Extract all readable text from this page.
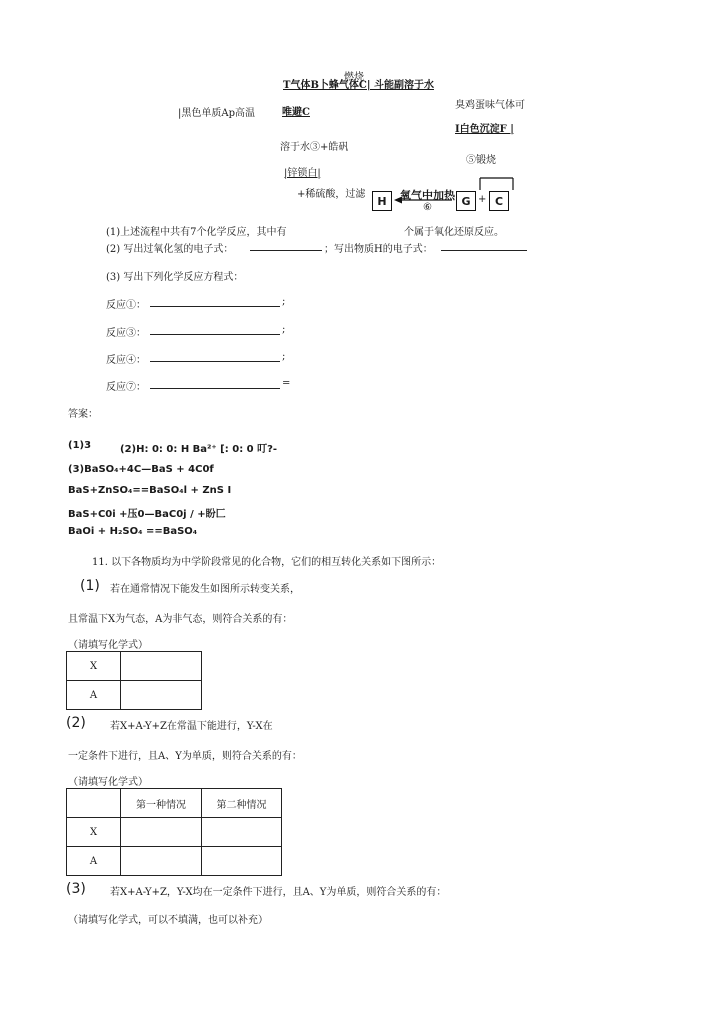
燃烧
T气体B卜蜂气体C| 斗能副溶于水
|黑色单质Ap高温	唯避C
臭鸡蛋味气体可
I白色沉淀F |
溶于水③+皓矾
⑤锻烧
|锌锁白|
+稀硫酸，过滤	H	G	C
氧气中加热 +
⑥
(1)上述流程中共有7个化学反应，其中有	个属于氧化还原反应。
(2) 写出过氧化氢的电子式：	；写出物质H的电子式：
(3) 写出下列化学反应方程式：
反应①：	;
反应③：	;
反应④：	;
反应⑦：	=
答案：
(1)3	(2)H: 0: 0: H Ba²⁺ [: 0: 0 叮?-
(3)BaSO₄+4C—BaS + 4C0f
BaS+ZnSO₄==BaSO₄l + ZnS I
BaS+C0i +压0—BaC0j / +盼匚
BaOi + H₂SO₄ ==BaSO₄
11. 以下各物质均为中学阶段常见的化合物，它们的相互转化关系如下图所示：
(1) 若在通常情况下能发生如图所示转变关系，
且常温下X为气态，A为非气态，则符合关系的有：
（请填写化学式）
X	
A	
(2) 若X+A-Y+Z在常温下能进行，Y-X在
一定条件下进行，且A、Y为单质，则符合关系的有：
（请填写化学式）
	第一种情况	第二种情况
X		
A		
(3) 若X+A-Y+Z，Y-X均在一定条件下进行，且A、Y为单质，则符合关系的有：
（请填写化学式，可以不填满，也可以补充）
